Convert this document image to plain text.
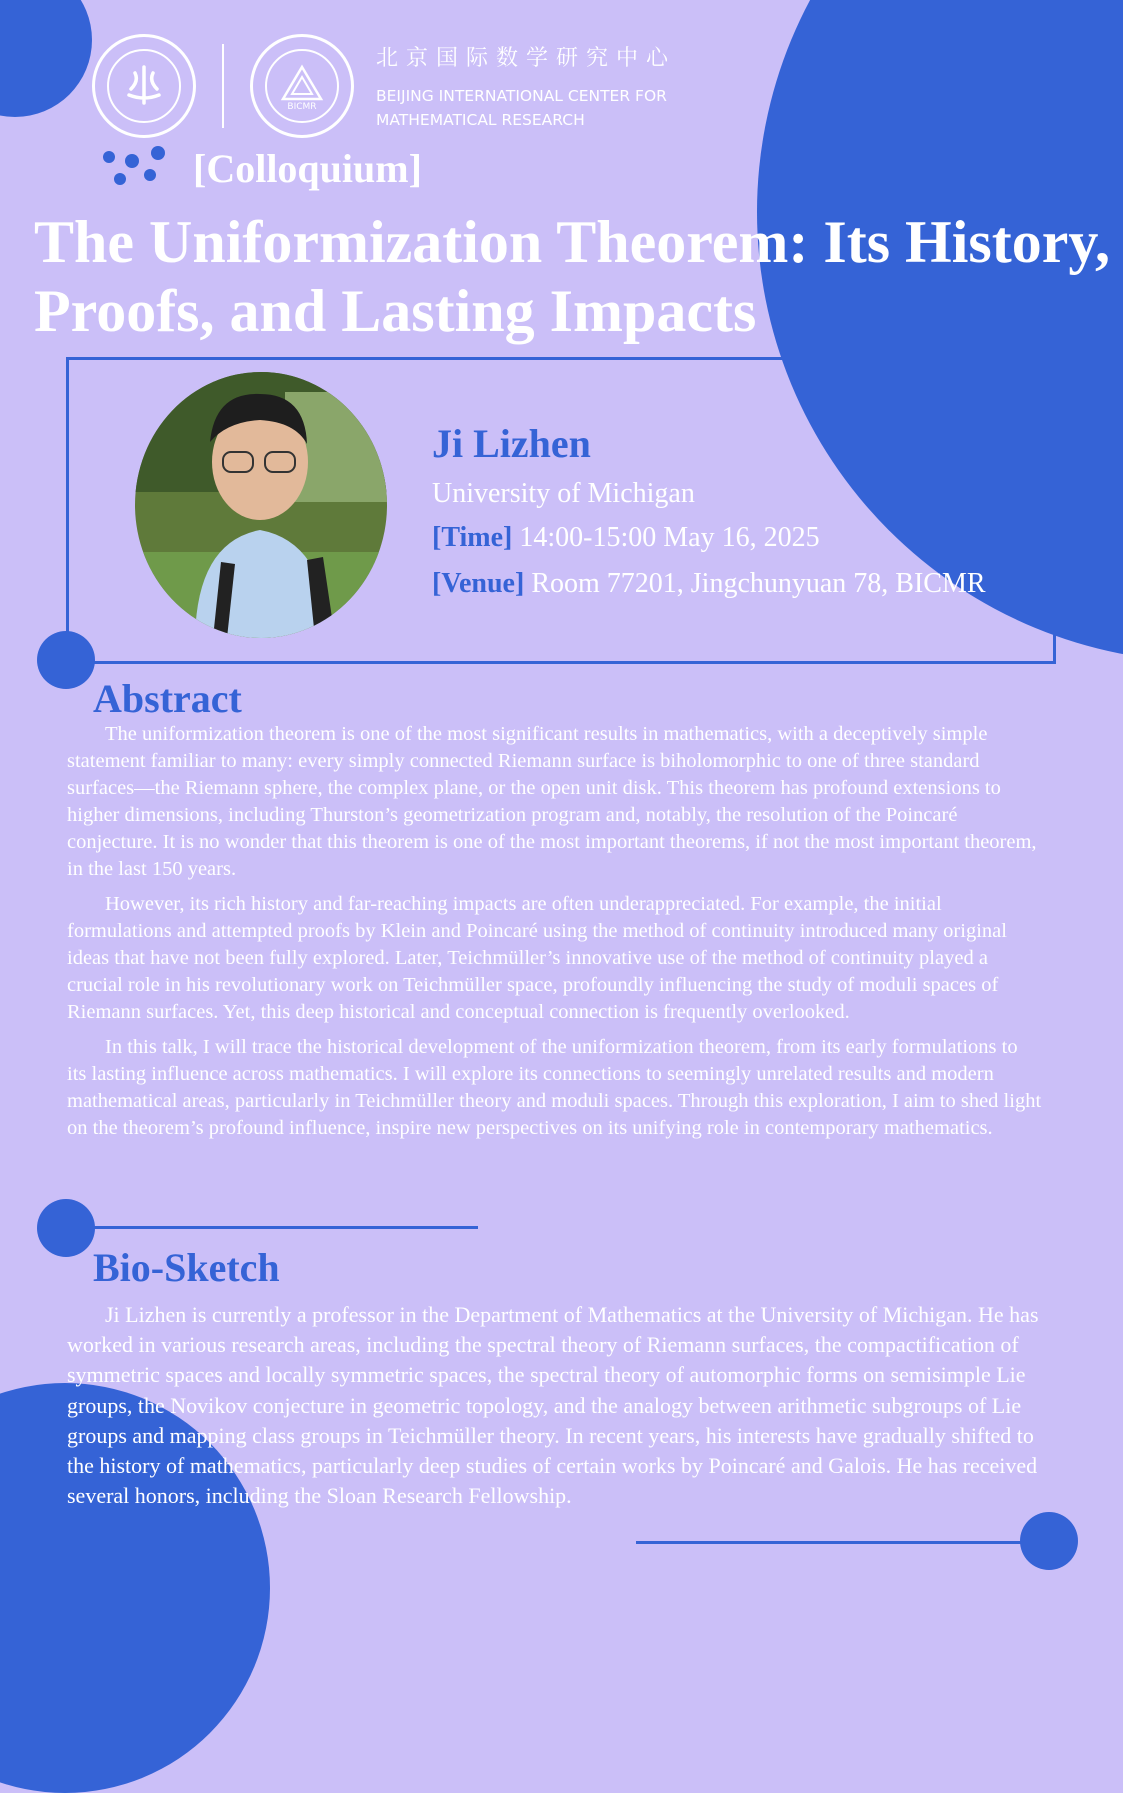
BICMR
北京国际数学研究中心
BEIJING INTERNATIONAL CENTER FOR
MATHEMATICAL RESEARCH
[Colloquium]
The Uniformization Theorem: Its History, Proofs, and Lasting Impacts
Ji Lizhen
University of Michigan
[Time] 14:00-15:00 May 16, 2025
[Venue] Room 77201, Jingchunyuan 78, BICMR
Abstract

The uniformization theorem is one of the most significant results in mathematics, with a deceptively simple statement familiar to many: every simply connected Riemann surface is biholomorphic to one of three standard surfaces—the Riemann sphere, the complex plane, or the open unit disk. This theorem has profound extensions to higher dimensions, including Thurston’s geometrization program and, notably, the resolution of the Poincaré conjecture. It is no wonder that this theorem is one of the most important theorems, if not the most important theorem, in the last 150 years.

However, its rich history and far-reaching impacts are often underappreciated. For example, the initial formulations and attempted proofs by Klein and Poincaré using the method of continuity introduced many original ideas that have not been fully explored. Later, Teichmüller’s innovative use of the method of continuity played a crucial role in his revolutionary work on Teichmüller space, profoundly influencing the study of moduli spaces of Riemann surfaces. Yet, this deep historical and conceptual connection is frequently overlooked.

In this talk, I will trace the historical development of the uniformization theorem, from its early formulations to its lasting influence across mathematics. I will explore its connections to seemingly unrelated results and modern mathematical areas, particularly in Teichmüller theory and moduli spaces. Through this exploration, I aim to shed light on the theorem’s profound influence, inspire new perspectives on its unifying role in contemporary mathematics.

Bio-Sketch

Ji Lizhen is currently a professor in the Department of Mathematics at the University of Michigan. He has worked in various research areas, including the spectral theory of Riemann surfaces, the compactification of symmetric spaces and locally symmetric spaces, the spectral theory of automorphic forms on semisimple Lie groups, the Novikov conjecture in geometric topology, and the analogy between arithmetic subgroups of Lie groups and mapping class groups in Teichmüller theory. In recent years, his interests have gradually shifted to the history of mathematics, particularly deep studies of certain works by Poincaré and Galois. He has received several honors, including the Sloan Research Fellowship.
